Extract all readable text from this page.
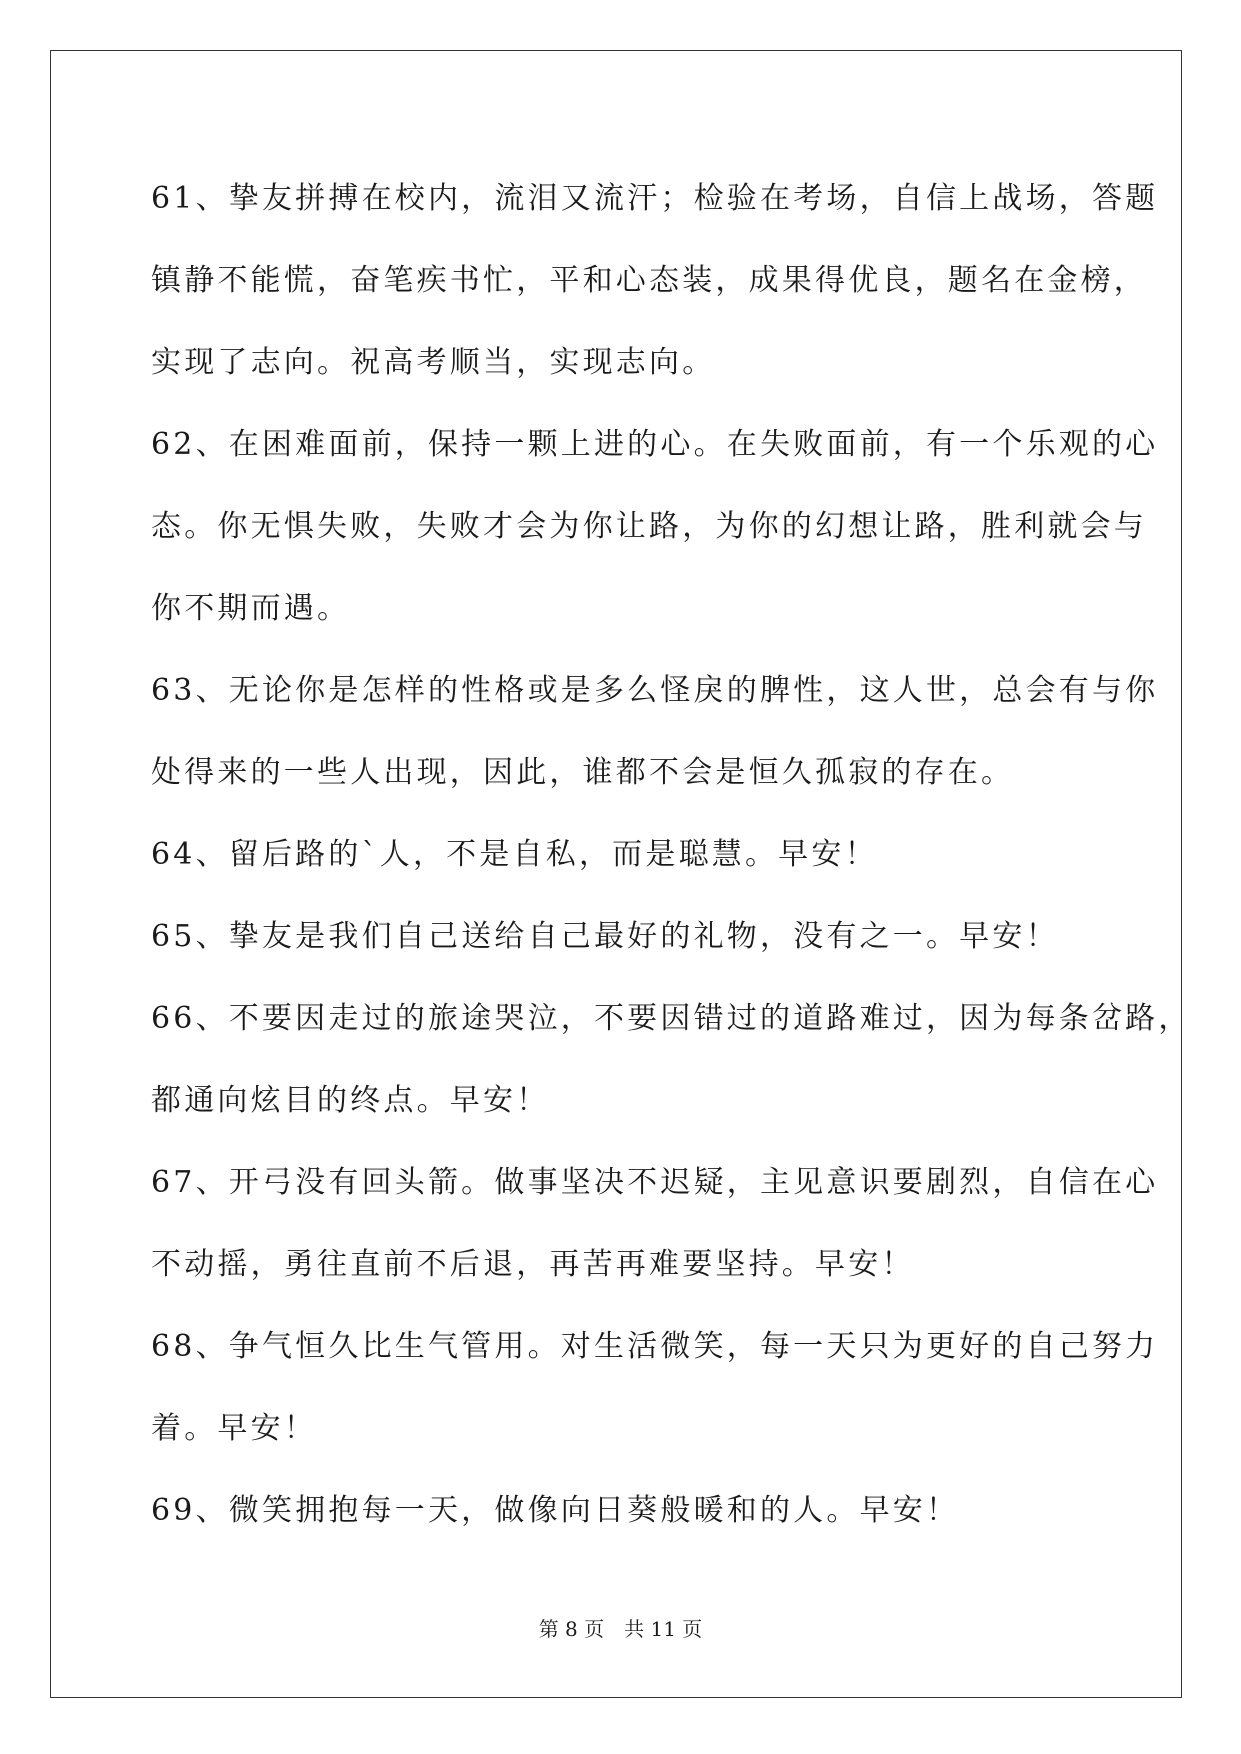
61、挚友拼搏在校内，流泪又流汗；检验在考场，自信上战场，答题
镇静不能慌，奋笔疾书忙，平和心态装，成果得优良，题名在金榜，
实现了志向。祝高考顺当，实现志向。
62、在困难面前，保持一颗上进的心。在失败面前，有一个乐观的心
态。你无惧失败，失败才会为你让路，为你的幻想让路，胜利就会与
你不期而遇。
63、无论你是怎样的性格或是多么怪戾的脾性，这人世，总会有与你
处得来的一些人出现，因此，谁都不会是恒久孤寂的存在。
64、留后路的`人，不是自私，而是聪慧。早安！
65、挚友是我们自己送给自己最好的礼物，没有之一。早安！
66、不要因走过的旅途哭泣，不要因错过的道路难过，因为每条岔路，
都通向炫目的终点。早安！
67、开弓没有回头箭。做事坚决不迟疑，主见意识要剧烈，自信在心
不动摇，勇往直前不后退，再苦再难要坚持。早安！
68、争气恒久比生气管用。对生活微笑，每一天只为更好的自己努力
着。早安！
69、微笑拥抱每一天，做像向日葵般暖和的人。早安！
第 8 页　共 11 页
